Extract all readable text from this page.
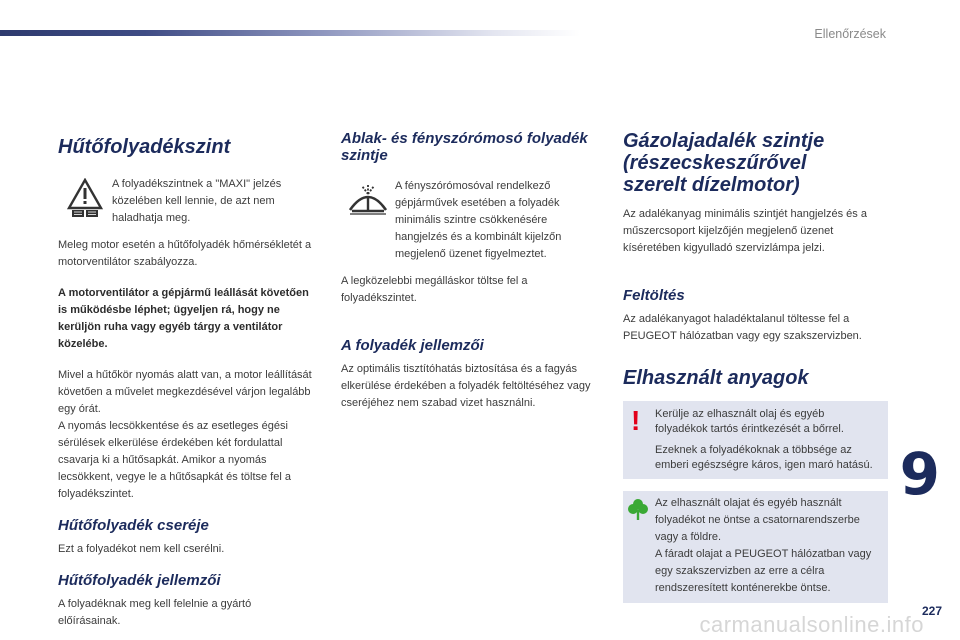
Ellenőrzések
Hűtőfolyadékszint

A folyadékszintnek a "MAXI" jelzés közelében kell lennie, de azt nem haladhatja meg.

Meleg motor esetén a hűtőfolyadék hőmérsékletét a motorventilátor szabályozza.

A motorventilátor a gépjármű leállását követően is működésbe léphet; ügyeljen rá, hogy ne kerüljön ruha vagy egyéb tárgy a ventilátor közelébe.

Mivel a hűtőkör nyomás alatt van, a motor leállítását követően a művelet megkezdésével várjon legalább egy órát.
A nyomás lecsökkentése és az esetleges égési sérülések elkerülése érdekében két fordulattal csavarja ki a hűtősapkát. Amikor a nyomás lecsökkent, vegye le a hűtősapkát és töltse fel a folyadékszintet.

Hűtőfolyadék cseréje

Ezt a folyadékot nem kell cserélni.

Hűtőfolyadék jellemzői

A folyadéknak meg kell felelnie a gyártó előírásainak.

Ablak- és fényszórómosó folyadék szintje

A fényszórómosóval rendelkező gépjárművek esetében a folyadék minimális szintre csökkenésére hangjelzés és a kombinált kijelzőn megjelenő üzenet figyelmeztet.

A legközelebbi megálláskor töltse fel a folyadékszintet.

A folyadék jellemzői

Az optimális tisztítóhatás biztosítása és a fagyás elkerülése érdekében a folyadék feltöltéséhez vagy cseréjéhez nem szabad vizet használni.

Gázolajadalék szintje (részecskeszűrővel szerelt dízelmotor)

Az adalékanyag minimális szintjét hangjelzés és a műszercsoport kijelzőjén megjelenő üzenet kíséretében kigyulladó szervizlámpa jelzi.

Feltöltés

Az adalékanyagot haladéktalanul töltesse fel a PEUGEOT hálózatban vagy egy szakszervizben.

Elhasznált anyagok
! Kerülje az elhasznált olaj és egyéb folyadékok tartós érintkezését a bőrrel.

Ezeknek a folyadékoknak a többsége az emberi egészségre káros, igen maró hatású.

Az elhasznált olajat és egyéb használt folyadékot ne öntse a csatornarendszerbe vagy a földre.
A fáradt olajat a PEUGEOT hálózatban vagy egy szakszervizben az erre a célra rendszeresített konténerekbe öntse.

9
carmanualsonline.info
227
